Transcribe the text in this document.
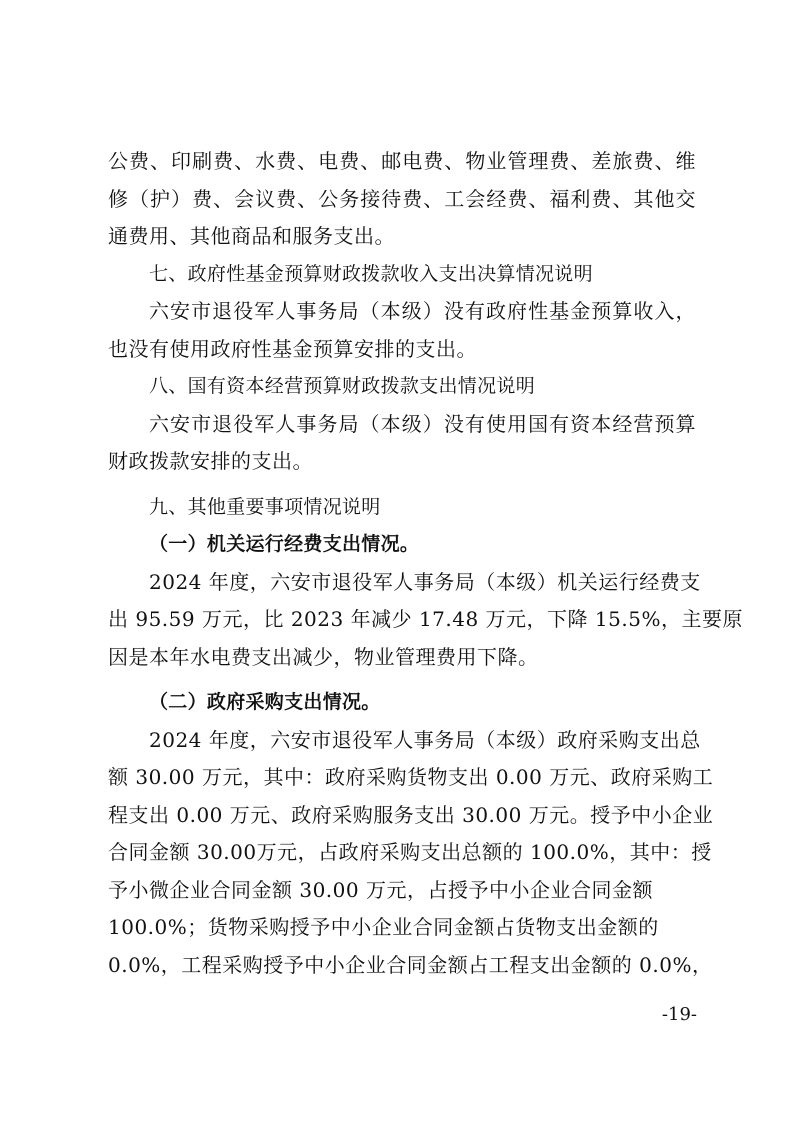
公费、印刷费、水费、电费、邮电费、物业管理费、差旅费、维
修（护）费、会议费、公务接待费、工会经费、福利费、其他交
通费用、其他商品和服务支出。
七、政府性基金预算财政拨款收入支出决算情况说明
六安市退役军人事务局（本级）没有政府性基金预算收入，
也没有使用政府性基金预算安排的支出。
八、国有资本经营预算财政拨款支出情况说明
六安市退役军人事务局（本级）没有使用国有资本经营预算
财政拨款安排的支出。
九、其他重要事项情况说明
（一）机关运行经费支出情况。
2024 年度，六安市退役军人事务局（本级）机关运行经费支
出 95.59 万元，比 2023 年减少 17.48 万元，下降 15.5%，主要原
因是本年水电费支出减少，物业管理费用下降。
（二）政府采购支出情况。
2024 年度，六安市退役军人事务局（本级）政府采购支出总
额 30.00 万元，其中：政府采购货物支出 0.00 万元、政府采购工
程支出 0.00 万元、政府采购服务支出 30.00 万元。授予中小企业
合同金额 30.00万元，占政府采购支出总额的 100.0%，其中：授
予小微企业合同金额 30.00 万元，占授予中小企业合同金额
100.0%；货物采购授予中小企业合同金额占货物支出金额的
0.0%，工程采购授予中小企业合同金额占工程支出金额的 0.0%，
-19-
